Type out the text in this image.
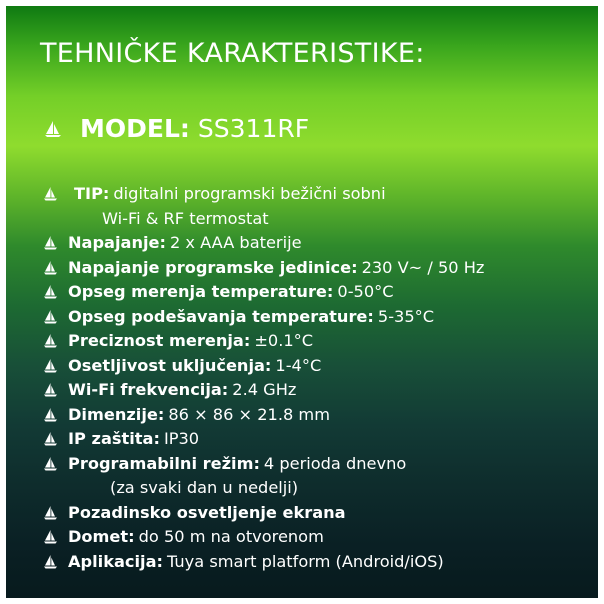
TEHNIČKE KARAKTERISTIKE:
MODEL: SS311RF
TIP: digitalni programski bežični sobni
Wi-Fi & RF termostat
Napajanje: 2 x AAA baterije
Napajanje programske jedinice: 230 V~ / 50 Hz
Opseg merenja temperature: 0-50°C
Opseg podešavanja temperature: 5-35°C
Preciznost merenja: ±0.1°C
Osetljivost uključenja: 1-4°C
Wi-Fi frekvencija: 2.4 GHz
Dimenzije: 86 × 86 × 21.8 mm
IP zaštita: IP30
Programabilni režim: 4 perioda dnevno
(za svaki dan u nedelji)
Pozadinsko osvetljenje ekrana
Domet: do 50 m na otvorenom
Aplikacija: Tuya smart platform (Android/iOS)
